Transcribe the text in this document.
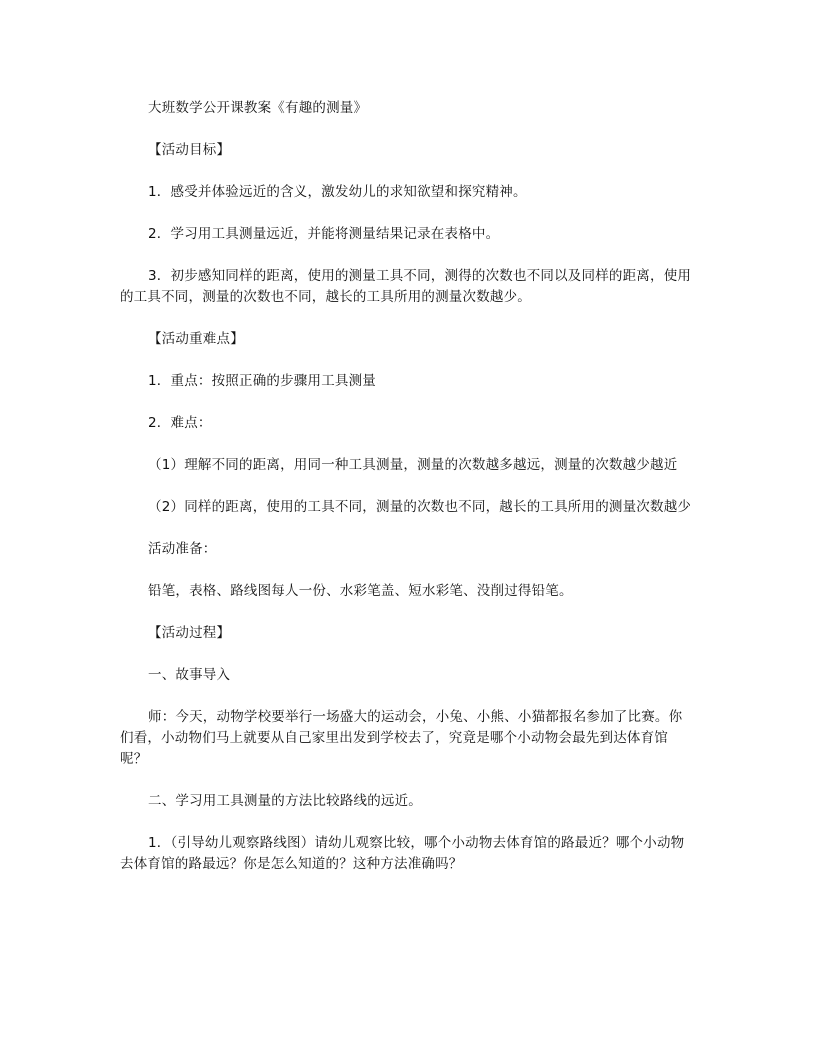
大班数学公开课教案《有趣的测量》

【活动目标】

1．感受并体验远近的含义，激发幼儿的求知欲望和探究精神。

2．学习用工具测量远近，并能将测量结果记录在表格中。

3．初步感知同样的距离，使用的测量工具不同，测得的次数也不同以及同样的距离，使用的工具不同，测量的次数也不同，越长的工具所用的测量次数越少。

【活动重难点】

1．重点：按照正确的步骤用工具测量

2．难点：

（1）理解不同的距离，用同一种工具测量，测量的次数越多越远，测量的次数越少越近

（2）同样的距离，使用的工具不同，测量的次数也不同，越长的工具所用的测量次数越少

活动准备：

铅笔，表格、路线图每人一份、水彩笔盖、短水彩笔、没削过得铅笔。

【活动过程】

一、故事导入

师：今天，动物学校要举行一场盛大的运动会，小兔、小熊、小猫都报名参加了比赛。你们看，小动物们马上就要从自己家里出发到学校去了，究竟是哪个小动物会最先到达体育馆呢？

二、学习用工具测量的方法比较路线的远近。

1．（引导幼儿观察路线图）请幼儿观察比较，哪个小动物去体育馆的路最近？哪个小动物去体育馆的路最远？你是怎么知道的？这种方法准确吗？
